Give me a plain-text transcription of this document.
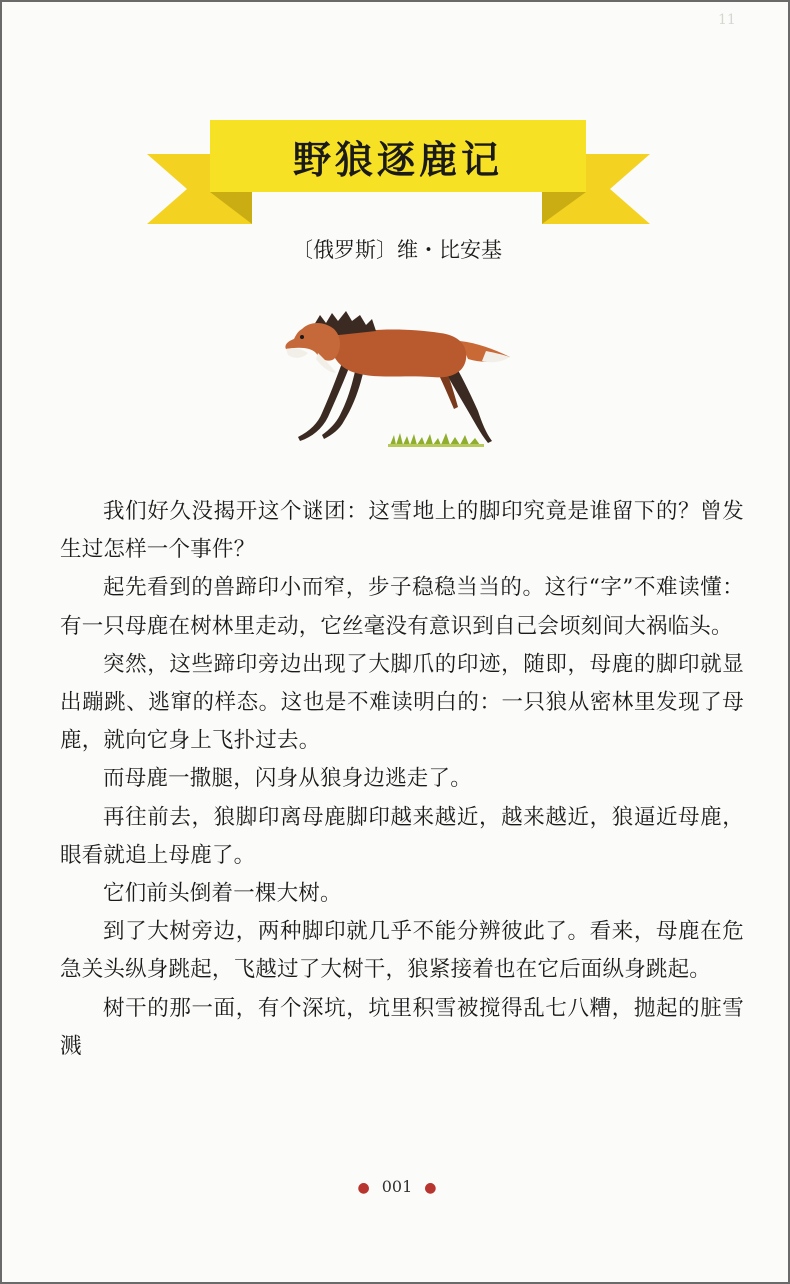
11
野狼逐鹿记
〔俄罗斯〕维・比安基

我们好久没揭开这个谜团：这雪地上的脚印究竟是谁留下的？曾发生过怎样一个事件？

起先看到的兽蹄印小而窄，步子稳稳当当的。这行“字”不难读懂：有一只母鹿在树林里走动，它丝毫没有意识到自己会顷刻间大祸临头。

突然，这些蹄印旁边出现了大脚爪的印迹，随即，母鹿的脚印就显出蹦跳、逃窜的样态。这也是不难读明白的：一只狼从密林里发现了母鹿，就向它身上飞扑过去。

而母鹿一撒腿，闪身从狼身边逃走了。

再往前去，狼脚印离母鹿脚印越来越近，越来越近，狼逼近母鹿，眼看就追上母鹿了。

它们前头倒着一棵大树。

到了大树旁边，两种脚印就几乎不能分辨彼此了。看来，母鹿在危急关头纵身跳起，飞越过了大树干，狼紧接着也在它后面纵身跳起。

树干的那一面，有个深坑，坑里积雪被搅得乱七八糟，抛起的脏雪溅

● 001 ●
